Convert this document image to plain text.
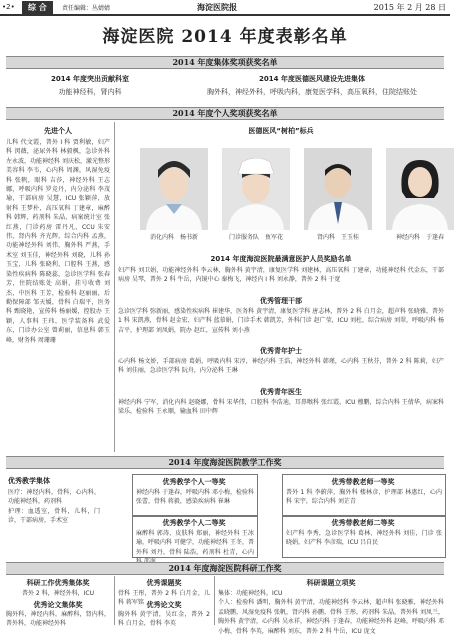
•2•	综 合	责任编辑：丛婧婧	海淀医院报	2015 年 2 月 28 日
海淀医院 2014 年度表彰名单
2014 年度集体奖项获奖名单
2014 年度突出贡献科室
功能神经科，肾内科
2014 年度医德医风建设先进集体
胸外科，神经外科，呼吸内科，康复医学科，高压氧科，住院结账处
2014 年度个人奖项获奖名单
先进个人
儿科 代文霞，普外 I 科 贾利敏，妇产科 闵薇，泌尿外科 林毅枫，急诊外科 左永波，功能神经科 刘庆松，激光整形美容科 李韦，心内科 周渊，风湿免疫科 张帆，眼科 吉莎，神经外科 王志娜，呼吸内科 罗竞丹，内分泌科 李茂瑜，干部病房 吴慧，ICU 张颖萍，放射科 王梦朴，高压氧科 丁建章，麻醉科 韩辉，药剂科 朱晶，病案统计室 张红燕，门诊药房 雷丹凡，CCU 朱安伟，肾内科 齐光辉，综合内科 孟燕，功能神经外科 刘伟，胸外科 严燕，手术室 刘玉佳，神经外科 刘晓，儿科 孙玉宝，儿科 张晓利，口腔科 王燕，感染性疾病科 陈晓蕊，急诊医学科 张春芳，住院结账处 高娟，挂号收费 刘杰，中医科 王芳，检验科 赵丽丽，后勤保障部 邹天媛，骨科 白瑞平，医务科 甄晓艳，宣传科 杨丽媛，控股办 王颖，人事科 王玮，医学装备科 武爱东，门诊办公室 曾莉丽，信息科 韩玉峰，财务科 周珊珊
医德医风“树柏”标兵
消化内科　杨书新	门诊服务队　鱼军花	肾内科　王玉桂	神经内科　于逢春
2014 年度海淀医院最满意医护人员奖励名单
妇产科 刘卫娟，功能神经外科 李云林，胸外科 黄宇清，康复医学科 刘建林，高压氧科 丁建章，功能神经科 代金东，干部病房 吴琴，普外 2 科 牛岳，内镜中心 秦梅飞，神经内 I 科 刘永静，普外 2 科 于宽
优秀管理干部
急诊医学科 弥新丽，感染性疾病科 崔建华，医务科 黄宇清，康复医学科 唐志林，普外 2 科 白月金，超声科 张晓雅，普外 1 科 宋凯燕，骨科 赵金宏，妇产科 蓝慕娟，门诊手术 韩凯芳，外科门诊 赵广莹，ICU 刘杜，综合病房 刘翠，呼吸内科 杨吉平，护理部 刘凤娟，院办 赵红，宣传科 刘小燕
优秀青年护士
心内科 杨文娇，手部病房 葛娟，呼吸内科 宋淳，神经内科 王浩，神经外科 韩瑾，心内科 王秋芬，普外 2 科 陈莉，妇产科 刘佳丽，急诊医学科 阮舟，内分泌科 王琳
优秀青年医生
神经内科 宁军，消化内科 赵晓娜，骨科 宋华伟，口腔科 李浩迪，耳鼻喉科 张红霞，ICU 穆鹏，综合内科 王倩华，病案科 梁乐，检验科 王永顺，输血科 田中辉
2014 年度海淀医院教学工作奖
优秀教学集体
医疗：神经内科，骨科，心内科，功能神经科，药剂科
护理：血透室，骨科，儿科，门诊，干部病房，手术室
优秀教学个人一等奖
神经内科 于逢春，呼吸内科 邓小梅，检验科 张蕾，骨科 蒋毅，感染疾病科 崔琳
优秀教学个人二等奖
麻醉科 郭涛，皮肤科 郑丽，神经外科 王冰瑜，呼吸内科 可健学，功能神经科 王冬，普外科 刘丹，骨科 陆浩，药剂科 杜青，心内
优秀带教老师一等奖
普外 1 科 李蔚萍，胸外科 楼林彦，护理部 林惠红，心内科 宋宇，综合内科 刘芷青
优秀带教老师二等奖
妇产科 李秀，急诊医学科 葛林，神经外科 刘佳，门诊 张晓娟，妇产科 李彦瑞，ICU 吕自民
2014 年度海淀医院科研工作奖
科研工作优秀集体奖
普外 2 科，神经外科，ICU
优秀论文集体奖
胸外科，神经内科，麻醉科，肾内科，普外科，功能神经外科
优秀课题奖
骨科 王彤，普外 2 科 白月金，儿科 蒋军铭 优秀论文奖
胸外科 黄宇清，吴红金，普外 2 科 白月金，骨科 李英
科研课题立项奖
集体：功能神经科，ICU
个人：检验科 潘明，胸外科 黄宇清，功能神经科 李云林，超声科 张晓雅，神经外科 孟晓鹏，风湿免疫科 张帆，肾内科 孙鹏，骨科 王彤，药剂科 朱晶，普外科 刘凤兰，胸外科 黄宇清，心内科 吴永祥，神经内科 于逢春，功能神经外科 赵峰，呼吸内科 邓小梅，骨科 李英，麻醉科 刘东，普外 2 科 牛岳，ICU 庞文
